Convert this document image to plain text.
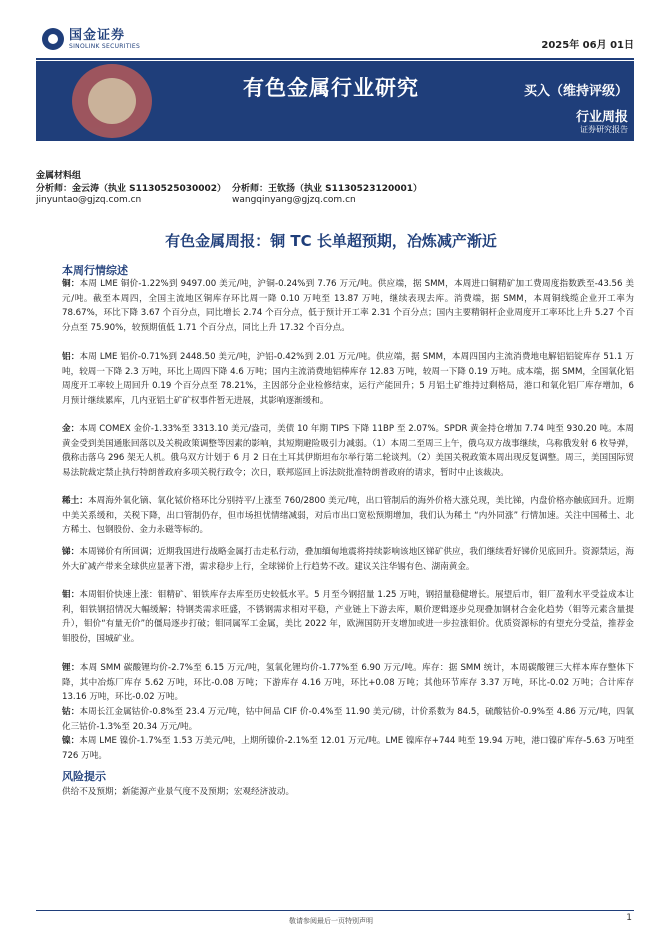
国金证券
SINOLINK SECURITIES	2025年 06月 01日
有色金属行业研究	买入（维持评级）
行业周报
证券研究报告
金属材料组
分析师：金云涛（执业 S1130525030002） 分析师：王钦扬（执业 S1130523120001）
jinyuntao@gjzq.com.cn	wangqinyang@gjzq.com.cn
有色金属周报：铜 TC 长单超预期，冶炼减产渐近
本周行情综述
铜：本周 LME 铜价-1.22%到 9497.00 美元/吨，沪铜-0.24%到 7.76 万元/吨。供应端，据 SMM，本周进口铜精矿加工费周度指数跌至-43.56 美元/吨。截至本周四，全国主流地区铜库存环比周一降 0.10 万吨至 13.87 万吨，继续表现去库。消费端，据 SMM，本周铜线缆企业开工率为 78.67%，环比下降 3.67 个百分点，同比增长 2.74 个百分点，低于预计开工率 2.31 个百分点；国内主要精铜杆企业周度开工率环比上升 5.27 个百分点至 75.90%，较预期值低 1.71 个百分点，同比上升 17.32 个百分点。
铝：本周 LME 铝价-0.71%到 2448.50 美元/吨，沪铝-0.42%到 2.01 万元/吨。供应端，据 SMM，本周四国内主流消费地电解铝铝锭库存 51.1 万吨，较周一下降 2.3 万吨，环比上周四下降 4.6 万吨；国内主流消费地铝棒库存 12.83 万吨，较周一下降 0.19 万吨。成本端，据 SMM，全国氧化铝周度开工率较上周回升 0.19 个百分点至 78.21%，主因部分企业检修结束，运行产能回升；5 月铝土矿维持过剩格局，港口和氧化铝厂库存增加，6 月预计继续累库，几内亚铝土矿矿权事件暂无进展，其影响逐渐缓和。
金：本周 COMEX 金价-1.33%至 3313.10 美元/盎司，美债 10 年期 TIPS 下降 11BP 至 2.07%。SPDR 黄金持仓增加 7.74 吨至 930.20 吨。本周黄金受到美国通胀回落以及关税政策调整等因素的影响，其短期避险吸引力减弱。（1）本周二至周三上午，俄乌双方战事继续，乌称俄发射 6 枚导弹，俄称击落乌 296 架无人机。俄乌双方计划于 6 月 2 日在土耳其伊斯坦布尔举行第二轮谈判。（2）美国关税政策本周出现反复调整。周三，美国国际贸易法院裁定禁止执行特朗普政府多项关税行政令；次日，联邦巡回上诉法院批准特朗普政府的请求，暂时中止该裁决。
稀土：本周海外氧化镝、氧化铽价格环比分别持平/上涨至 760/2800 美元/吨，出口管制后的海外价格大涨兑现，美比锑，内盘价格亦触底回升。近期中美关系缓和，关税下降，出口管制仍存，但市场担忧情绪减弱，对后市出口宽松预期增加，我们认为稀土 “内外同涨” 行情加速。关注中国稀土、北方稀土、包钢股份、金力永磁等标的。
锑：本周锑价有所回调；近期我国进行战略金属打击走私行动，叠加缅甸地震将持续影响该地区锑矿供应，我们继续看好锑价见底回升。资源禁运，海外大矿减产带来全球供应显著下滑，需求稳步上行，全球锑价上行趋势不改。建议关注华锡有色、湖南黄金。
钼：本周钼价快速上涨：钼精矿、钼铁库存去库至历史较低水平。5 月至今钢招量 1.25 万吨，钢招量稳健增长。展望后市，钼厂盈利水平受益成本让利，钼铁钢招情况大幅缓解；特钢类需求旺盛，不锈钢需求相对平稳，产业链上下游去库，顺价逻辑逐步兑现叠加钢材合金化趋势（钼等元素含量提升），钼价“有量无价”的僵局逐步打破；钼同属军工金属，美比 2022 年，欧洲国防开支增加或进一步拉涨钼价。优质资源标的有望充分受益，推荐金钼股份，国城矿业。
锂：本周 SMM 碳酸锂均价-2.7%至 6.15 万元/吨，氢氧化锂均价-1.77%至 6.90 万元/吨。库存：据 SMM 统计，本周碳酸锂三大样本库存整体下降，其中冶炼厂库存 5.62 万吨，环比-0.08 万吨；下游库存 4.16 万吨，环比+0.08 万吨；其他环节库存 3.37 万吨，环比-0.02 万吨；合计库存 13.16 万吨，环比-0.02 万吨。
钴：本周长江金属钴价-0.8%至 23.4 万元/吨，钴中间品 CIF 价-0.4%至 11.90 美元/磅，计价系数为 84.5，硫酸钴价-0.9%至 4.86 万元/吨，四氧化三钴价-1.3%至 20.34 万元/吨。
镍：本周 LME 镍价-1.7%至 1.53 万美元/吨，上期所镍价-2.1%至 12.01 万元/吨。LME 镍库存+744 吨至 19.94 万吨，港口镍矿库存-5.63 万吨至 726 万吨。
风险提示
供给不及预期；新能源产业景气度不及预期；宏观经济波动。
敬请参阅最后一页特别声明	1
